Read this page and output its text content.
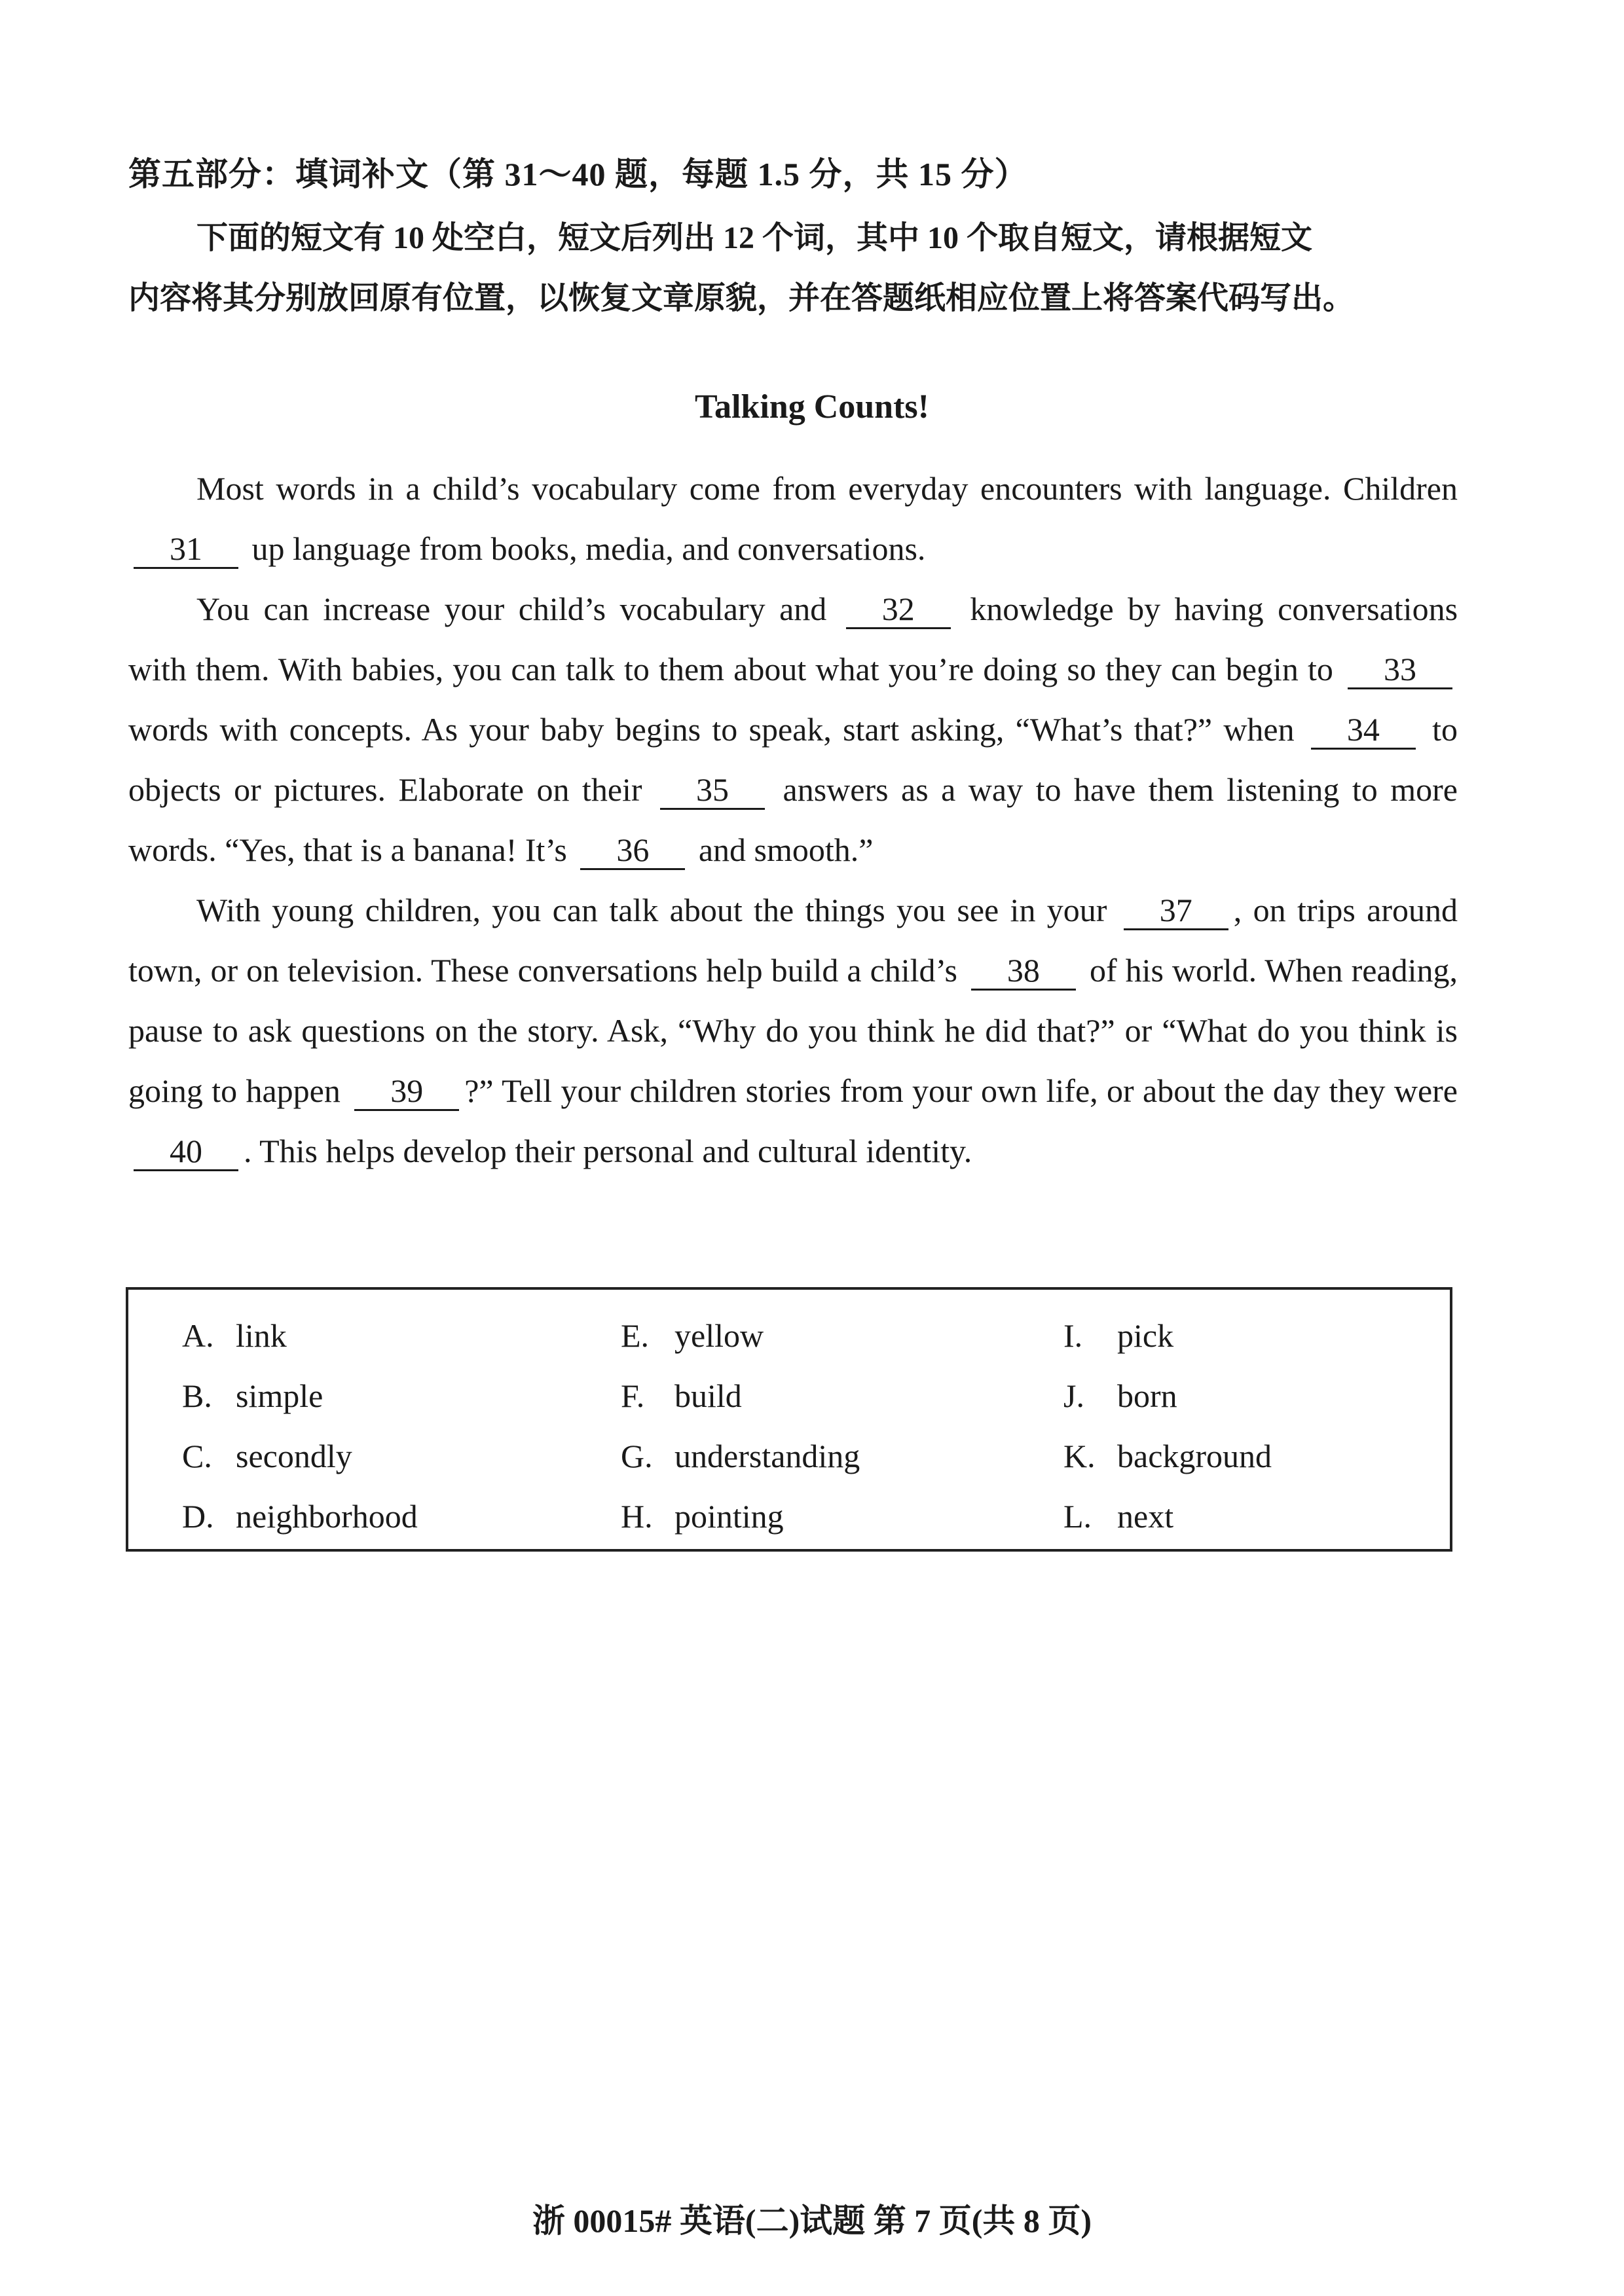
第五部分：填词补文（第 31～40 题，每题 1.5 分，共 15 分）
下面的短文有 10 处空白，短文后列出 12 个词，其中 10 个取自短文，请根据短文
内容将其分别放回原有位置，以恢复文章原貌，并在答题纸相应位置上将答案代码写出。
Talking Counts!

Most words in a child’s vocabulary come from everyday encounters with language. Children 31 up language from books, media, and conversations.

You can increase your child’s vocabulary and 32 knowledge by having conversations with them. With babies, you can talk to them about what you’re doing so they can begin to 33 words with concepts. As your baby begins to speak, start asking, “What’s that?” when 34 to objects or pictures. Elaborate on their 35 answers as a way to have them listening to more words. “Yes, that is a banana! It’s 36 and smooth.”

With young children, you can talk about the things you see in your 37 , on trips around town, or on television. These conversations help build a child’s 38 of his world. When reading, pause to ask questions on the story. Ask, “Why do you think he did that?” or “What do you think is going to happen 39 ?” Tell your children stories from your own life, or about the day they were 40 . This helps develop their personal and cultural identity.

A. link
B. simple
C. secondly
D. neighborhood
E. yellow
F. build
G. understanding
H. pointing
I. pick
J. born
K. background
L. next
浙 00015# 英语(二)试题 第 7 页(共 8 页)
